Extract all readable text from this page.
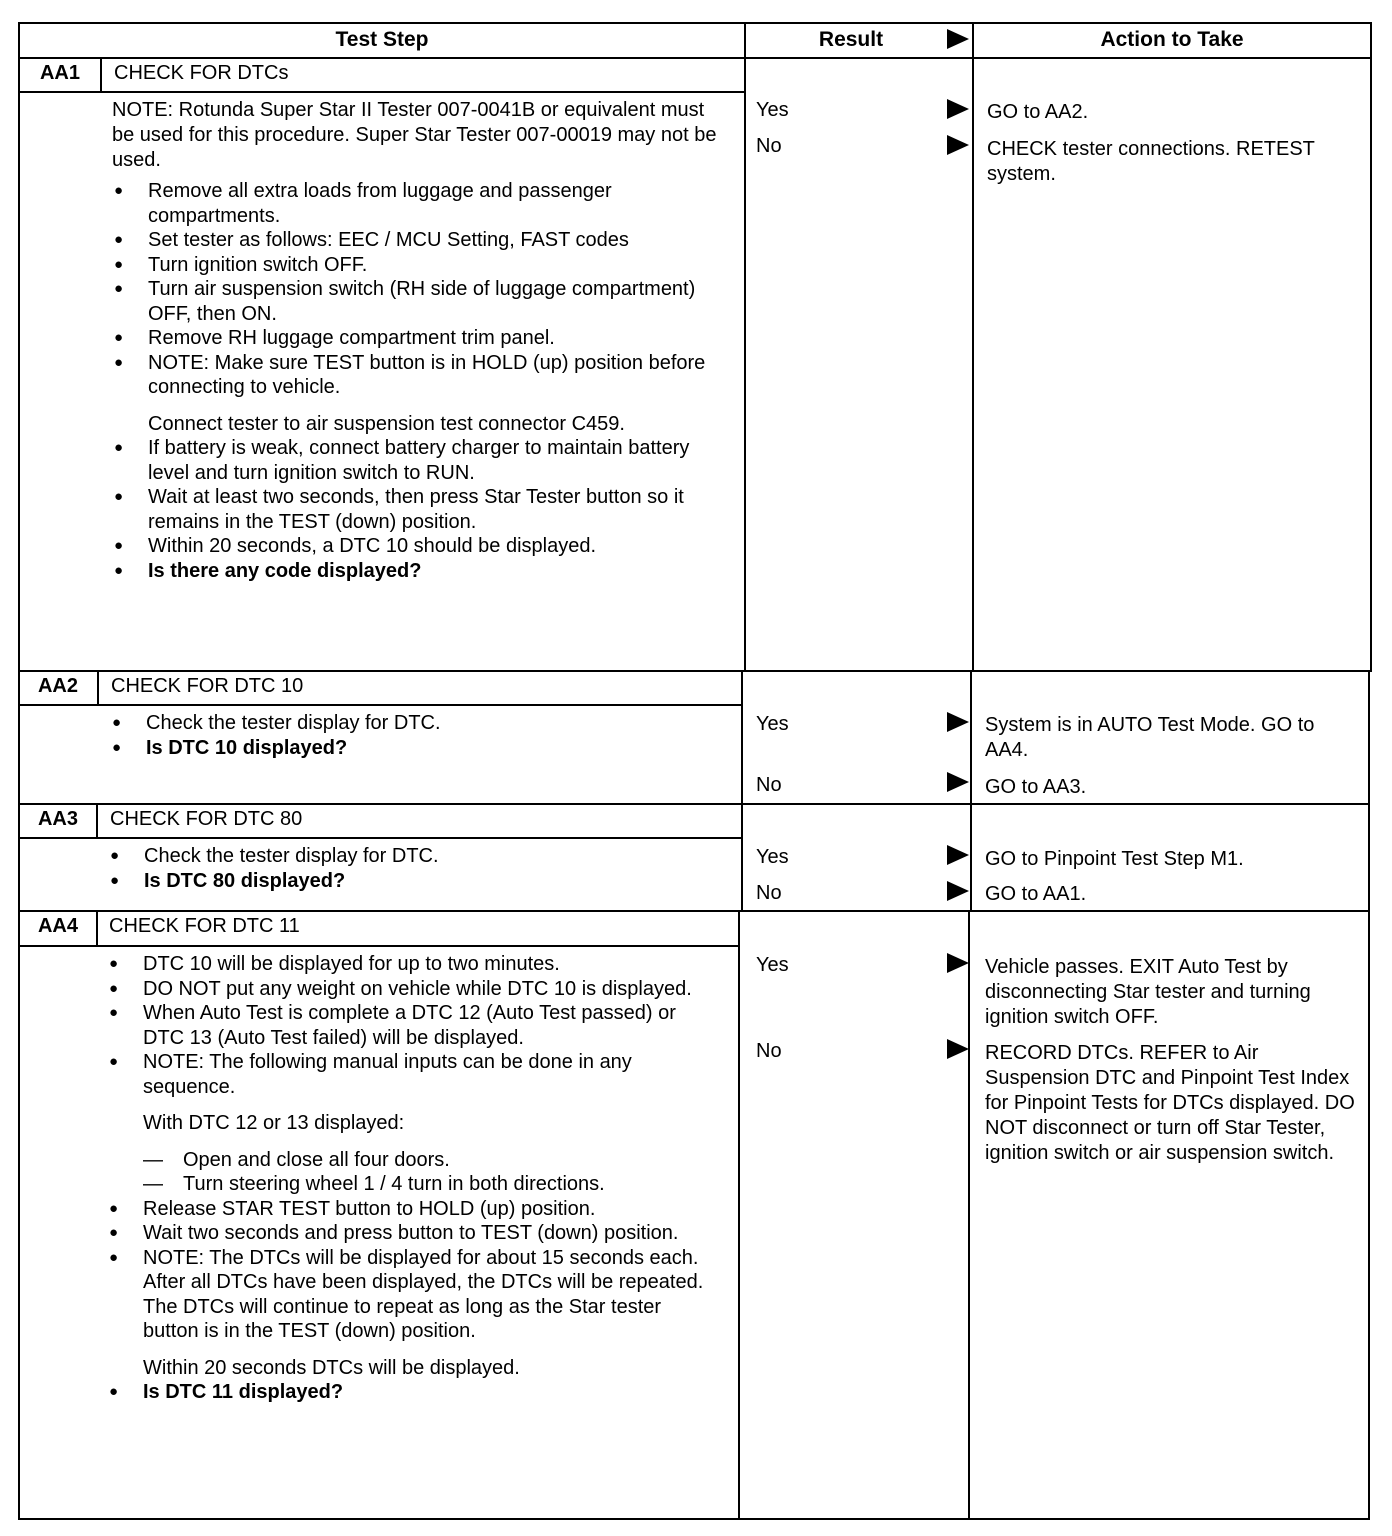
Test Step	Result	Action to Take
AA1	CHECK FOR DTCs
NOTE: Rotunda Super Star II Tester 007-0041B or equivalent must be used for this procedure. Super Star Tester 007-00019 may not be used.
● Remove all extra loads from luggage and passenger compartments.
● Set tester as follows: EEC / MCU Setting, FAST codes
● Turn ignition switch OFF.
● Turn air suspension switch (RH side of luggage compartment) OFF, then ON.
● Remove RH luggage compartment trim panel.
● NOTE: Make sure TEST button is in HOLD (up) position before connecting to vehicle.
Connect tester to air suspension test connector C459.
● If battery is weak, connect battery charger to maintain battery level and turn ignition switch to RUN.
● Wait at least two seconds, then press Star Tester button so it remains in the TEST (down) position.
● Within 20 seconds, a DTC 10 should be displayed.
● Is there any code displayed?
Yes	GO to AA2.
No	CHECK tester connections. RETEST system.
AA2	CHECK FOR DTC 10
● Check the tester display for DTC.
● Is DTC 10 displayed?
Yes	System is in AUTO Test Mode. GO to AA4.
No	GO to AA3.
AA3	CHECK FOR DTC 80
● Check the tester display for DTC.
● Is DTC 80 displayed?
Yes	GO to Pinpoint Test Step M1.
No	GO to AA1.
AA4	CHECK FOR DTC 11
● DTC 10 will be displayed for up to two minutes.
● DO NOT put any weight on vehicle while DTC 10 is displayed.
● When Auto Test is complete a DTC 12 (Auto Test passed) or DTC 13 (Auto Test failed) will be displayed.
● NOTE: The following manual inputs can be done in any sequence.
With DTC 12 or 13 displayed:
— Open and close all four doors.
— Turn steering wheel 1 / 4 turn in both directions.
● Release STAR TEST button to HOLD (up) position.
● Wait two seconds and press button to TEST (down) position.
● NOTE: The DTCs will be displayed for about 15 seconds each. After all DTCs have been displayed, the DTCs will be repeated. The DTCs will continue to repeat as long as the Star tester button is in the TEST (down) position.
Within 20 seconds DTCs will be displayed.
● Is DTC 11 displayed?
Yes	Vehicle passes. EXIT Auto Test by disconnecting Star tester and turning ignition switch OFF.
No	RECORD DTCs. REFER to Air Suspension DTC and Pinpoint Test Index for Pinpoint Tests for DTCs displayed. DO NOT disconnect or turn off Star Tester, ignition switch or air suspension switch.
